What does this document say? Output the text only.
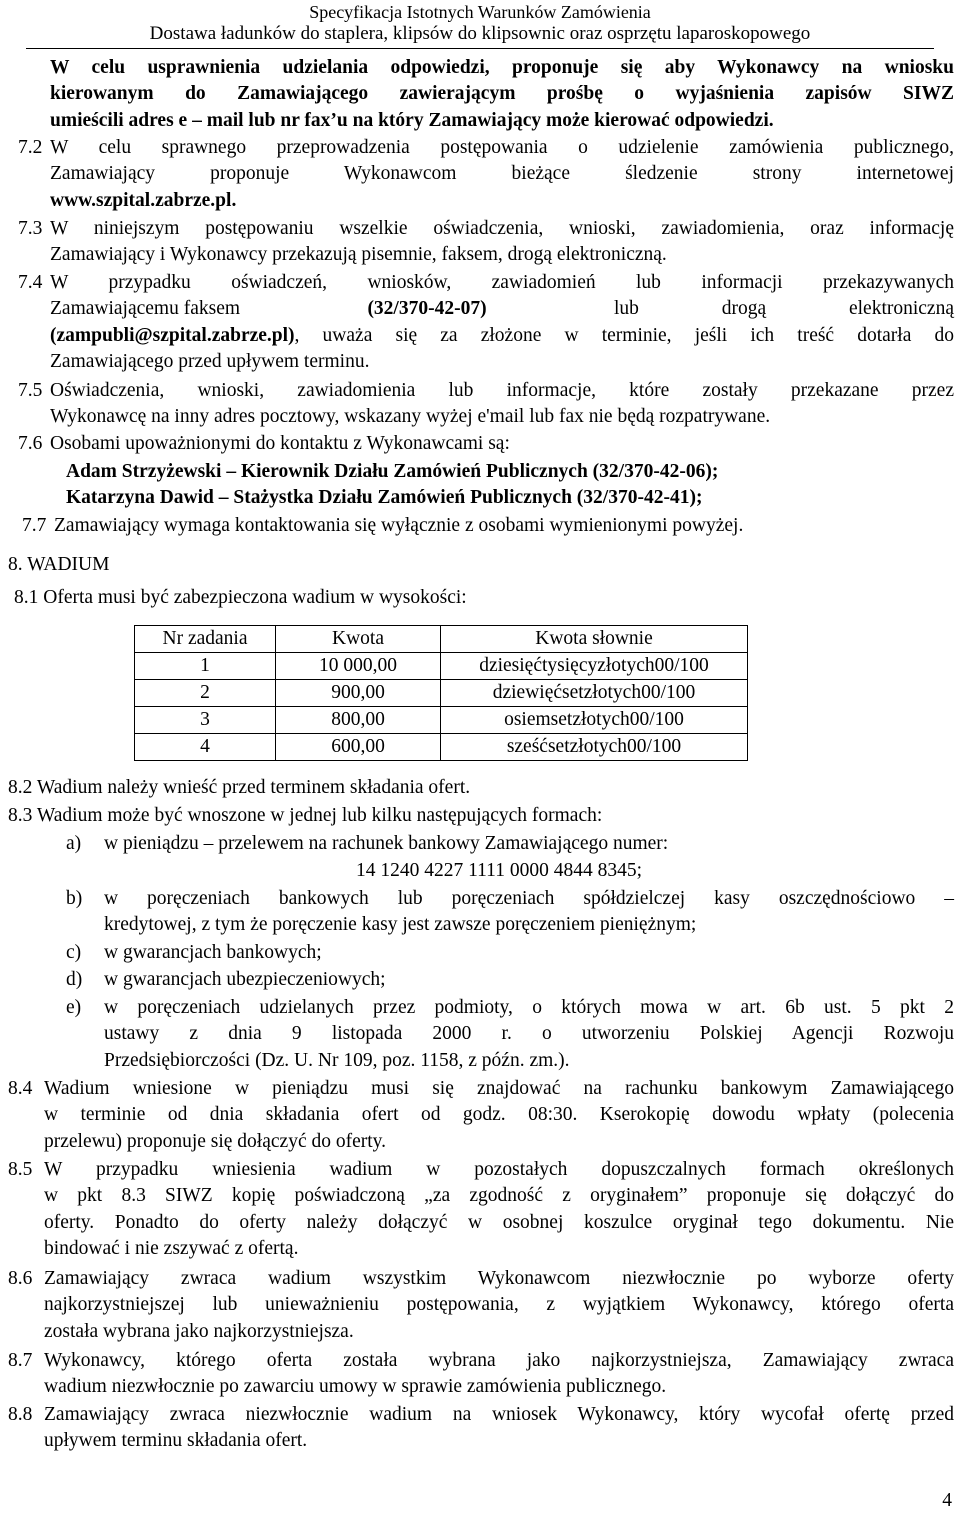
Specyfikacja Istotnych Warunków Zamówienia
Dostawa ładunków do staplera, klipsów do klipsownic oraz osprzętu laparoskopowego
W celu usprawnienia udzielania odpowiedzi, proponuje się aby Wykonawcy na wniosku
kierowanym do Zamawiającego zawierającym prośbę o wyjaśnienia zapisów SIWZ
umieścili adres e – mail lub nr fax’u na który Zamawiający może kierować odpowiedzi.
7.2 W celu sprawnego przeprowadzenia postępowania o udzielenie zamówienia publicznego,
Zamawiający proponuje Wykonawcom bieżące śledzenie strony internetowej
www.szpital.zabrze.pl.
7.3 W niniejszym postępowaniu wszelkie oświadczenia, wnioski, zawiadomienia, oraz informację
Zamawiający i Wykonawcy przekazują pisemnie, faksem, drogą elektroniczną.
7.4 W przypadku oświadczeń, wniosków, zawiadomień lub informacji przekazywanych
Zamawiającemu faksem	(32/370-42-07)	lub drogą elektroniczną
(zampubli@szpital.zabrze.pl) , uważa się za złożone w terminie, jeśli ich treść dotarła do
Zamawiającego przed upływem terminu.
7.5 Oświadczenia, wnioski, zawiadomienia lub informacje, które zostały przekazane przez
Wykonawcę na inny adres pocztowy, wskazany wyżej e'mail lub fax nie będą rozpatrywane.
7.6 Osobami upoważnionymi do kontaktu z Wykonawcami są:
Adam Strzyżewski – Kierownik Działu Zamówień Publicznych (32/370-42-06);
Katarzyna Dawid – Stażystka Działu Zamówień Publicznych (32/370-42-41);
7.7 Zamawiający wymaga kontaktowania się wyłącznie z osobami wymienionymi powyżej.
8. WADIUM
8.1 Oferta musi być zabezpieczona wadium w wysokości:
Nr zadania	Kwota	Kwota słownie
1	10 000,00	dziesięćtysięcyzłotych00/100
2	900,00	dziewięćsetzłotych00/100
3	800,00	osiemsetzłotych00/100
4	600,00	sześćsetzłotych00/100
8.2 Wadium należy wnieść przed terminem składania ofert.
8.3 Wadium może być wnoszone w jednej lub kilku następujących formach:
a) w pieniądzu – przelewem na rachunek bankowy Zamawiającego numer:
14 1240 4227 1111 0000 4844 8345;
b) w poręczeniach bankowych lub poręczeniach spółdzielczej kasy oszczędnościowo –
kredytowej, z tym że poręczenie kasy jest zawsze poręczeniem pieniężnym;
c) w gwarancjach bankowych;
d) w gwarancjach ubezpieczeniowych;
e) w poręczeniach udzielanych przez podmioty, o których mowa w art. 6b ust. 5 pkt 2
ustawy z dnia 9 listopada 2000 r. o utworzeniu Polskiej Agencji Rozwoju
Przedsiębiorczości (Dz. U. Nr 109, poz. 1158, z późn. zm.).
8.4 Wadium wniesione w pieniądzu musi się znajdować na rachunku bankowym Zamawiającego
w terminie od dnia składania ofert od godz. 08:30. Kserokopię dowodu wpłaty (polecenia
przelewu) proponuje się dołączyć do oferty.
8.5 W przypadku wniesienia wadium w pozostałych dopuszczalnych formach określonych
w pkt 8.3 SIWZ kopię poświadczoną „za zgodność z oryginałem” proponuje się dołączyć do
oferty. Ponadto do oferty należy dołączyć w osobnej koszulce oryginał tego dokumentu. Nie
bindować i nie zszywać z ofertą.
8.6 Zamawiający zwraca wadium wszystkim Wykonawcom niezwłocznie po wyborze oferty
najkorzystniejszej lub unieważnieniu postępowania, z wyjątkiem Wykonawcy, którego oferta
została wybrana jako najkorzystniejsza.
8.7 Wykonawcy, którego oferta została wybrana jako najkorzystniejsza, Zamawiający zwraca
wadium niezwłocznie po zawarciu umowy w sprawie zamówienia publicznego.
8.8 Zamawiający zwraca niezwłocznie wadium na wniosek Wykonawcy, który wycofał ofertę przed
upływem terminu składania ofert.
4
